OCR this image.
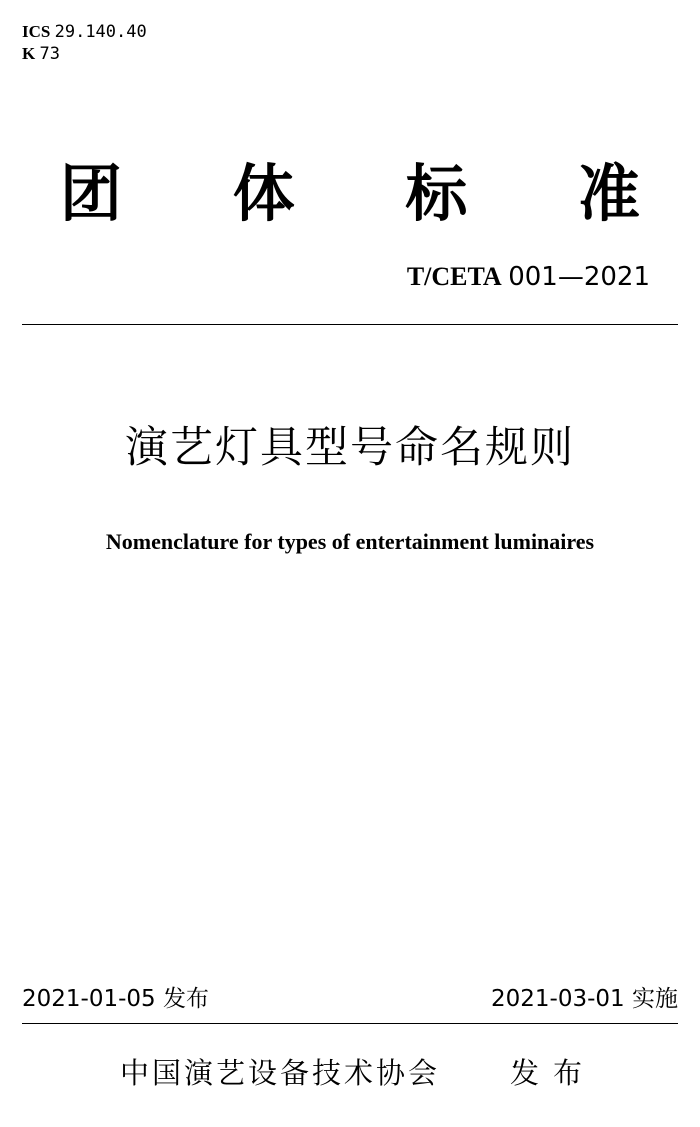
ICS 29.140.40
K 73
团 体 标 准
T/CETA 001—2021
演艺灯具型号命名规则
Nomenclature for types of entertainment luminaires
2021-01-05 发布	2021-03-01 实施
中国演艺设备技术协会 发布
